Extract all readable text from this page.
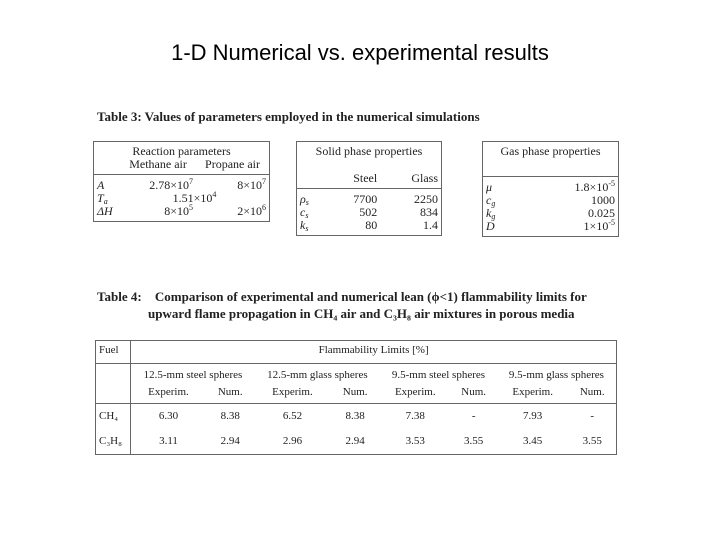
1-D Numerical vs. experimental results
Table 3: Values of parameters employed in the numerical simulations
Reaction parameters		
	Methane air	Propane air
A	$2.78\times 10^7$	$8\times 10^7$
$T_a$	$1.51\times 10^4$
ΔH	$8\times 10^5$	$2\times 10^6$
Solid phase properties		
	Steel	Glass
$\rho_s$	7700	2250
$c_s$	502	834
$k_s$	80	1.4
Gas phase properties	
μ	$1.8\times 10^{-5}$
$c_g$	1000
$k_g$	0.025
D	$1\times 10^{-5}$
Table 4: Comparison of experimental and numerical lean (ϕ<1) flammability limits for
upward flame propagation in CH₄ air and C₃H₈ air mixtures in porous media
Fuel	Flammability Limits [%]							
	12.5-mm steel spheres		12.5-mm glass spheres		9.5-mm steel spheres		9.5-mm glass spheres	
	Experim.	Num.	Experim.	Num.	Experim.	Num.	Experim.	Num.
CH₄	6.30	8.38	6.52	8.38	7.38	-	7.93	-
C₃H₈	3.11	2.94	2.96	2.94	3.53	3.55	3.45	3.55
